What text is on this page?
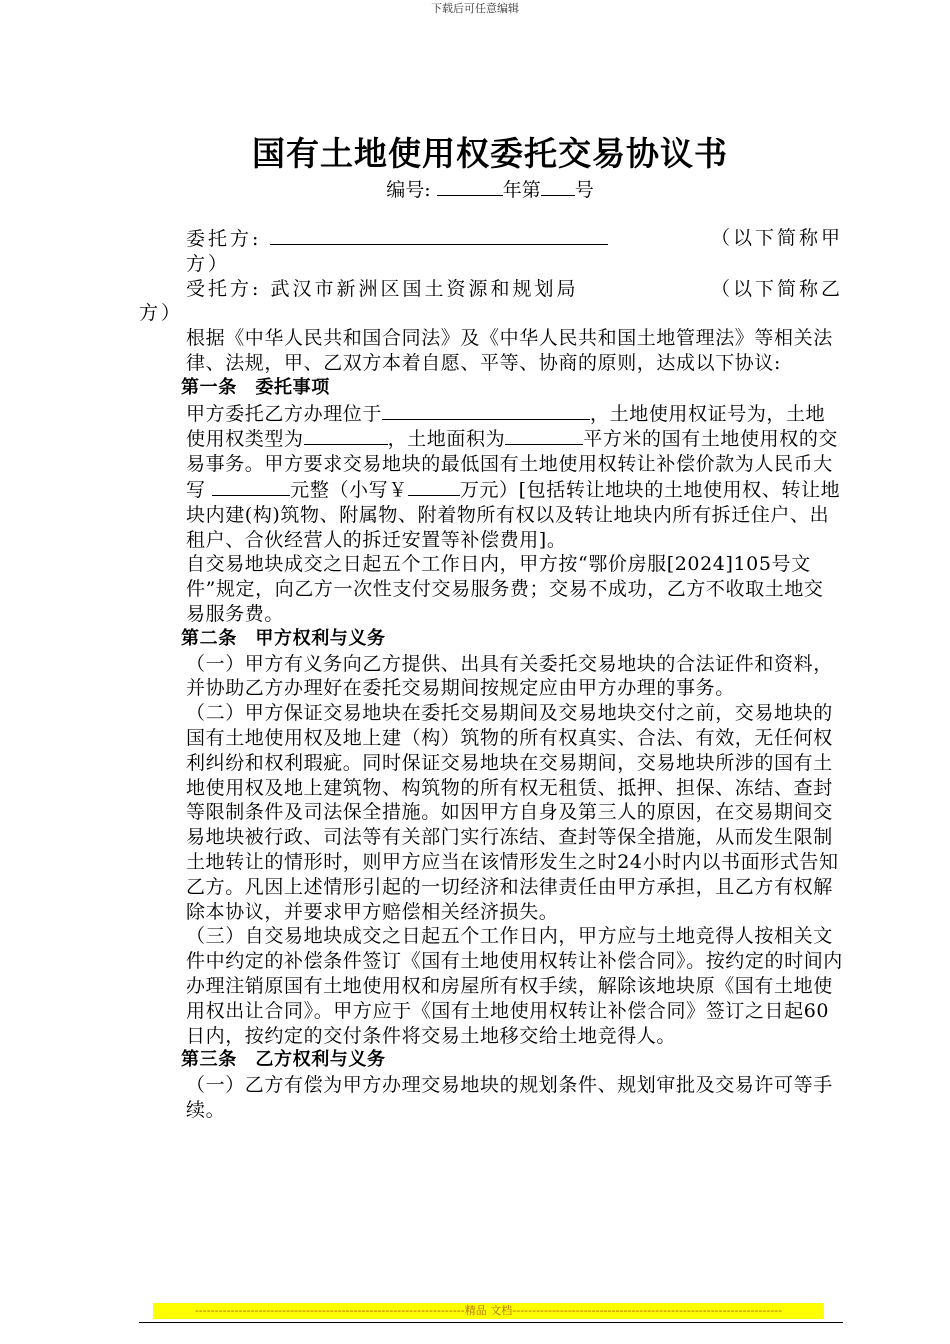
下载后可任意编辑
国有土地使用权委托交易协议书
编号:	年第 号
委托方:	（以下简称甲

方）

受托方: 武汉市新洲区国土资源和规划局	（以下简称乙

方）

根据《中华人民共和国合同法》及《中华人民共和国土地管理法》等相关法律、法规，甲、乙双方本着自愿、平等、协商的原则，达成以下协议:

第一条　委托事项

甲方委托乙方办理位于	，土地使用权证号为，土地使用权类型为	，土地面积为	平方米的国有土地使用权的交易事务。甲方要求交易地块的最低国有土地使用权转让补偿价款为人民币大写	元整（小写￥	万元）[包括转让地块的土地使用权、转让地块内建(构)筑物、附属物、附着物所有权以及转让地块内所有拆迁住户、出租户、合伙经营人的拆迁安置等补偿费用]。

自交易地块成交之日起五个工作日内，甲方按“鄂价房服[2024]105号文件”规定，向乙方一次性支付交易服务费；交易不成功，乙方不收取土地交易服务费。

第二条　甲方权利与义务

（一）甲方有义务向乙方提供、出具有关委托交易地块的合法证件和资料，并协助乙方办理好在委托交易期间按规定应由甲方办理的事务。

（二）甲方保证交易地块在委托交易期间及交易地块交付之前，交易地块的国有土地使用权及地上建（构）筑物的所有权真实、合法、有效，无任何权利纠纷和权利瑕疵。同时保证交易地块在交易期间，交易地块所涉的国有土地使用权及地上建筑物、构筑物的所有权无租赁、抵押、担保、冻结、查封等限制条件及司法保全措施。如因甲方自身及第三人的原因，在交易期间交易地块被行政、司法等有关部门实行冻结、查封等保全措施，从而发生限制土地转让的情形时，则甲方应当在该情形发生之时24小时内以书面形式告知乙方。凡因上述情形引起的一切经济和法律责任由甲方承担，且乙方有权解除本协议，并要求甲方赔偿相关经济损失。

（三）自交易地块成交之日起五个工作日内，甲方应与土地竞得人按相关文件中约定的补偿条件签订《国有土地使用权转让补偿合同》。按约定的时间内办理注销原国有土地使用权和房屋所有权手续，解除该地块原《国有土地使用权出让合同》。甲方应于《国有土地使用权转让补偿合同》签订之日起60日内，按约定的交付条件将交易土地移交给土地竞得人。

第三条　乙方权利与义务

（一）乙方有偿为甲方办理交易地块的规划条件、规划审批及交易许可等手续。

--------------------------------------------------------------------精品 文档--------------------------------------------------------------------
